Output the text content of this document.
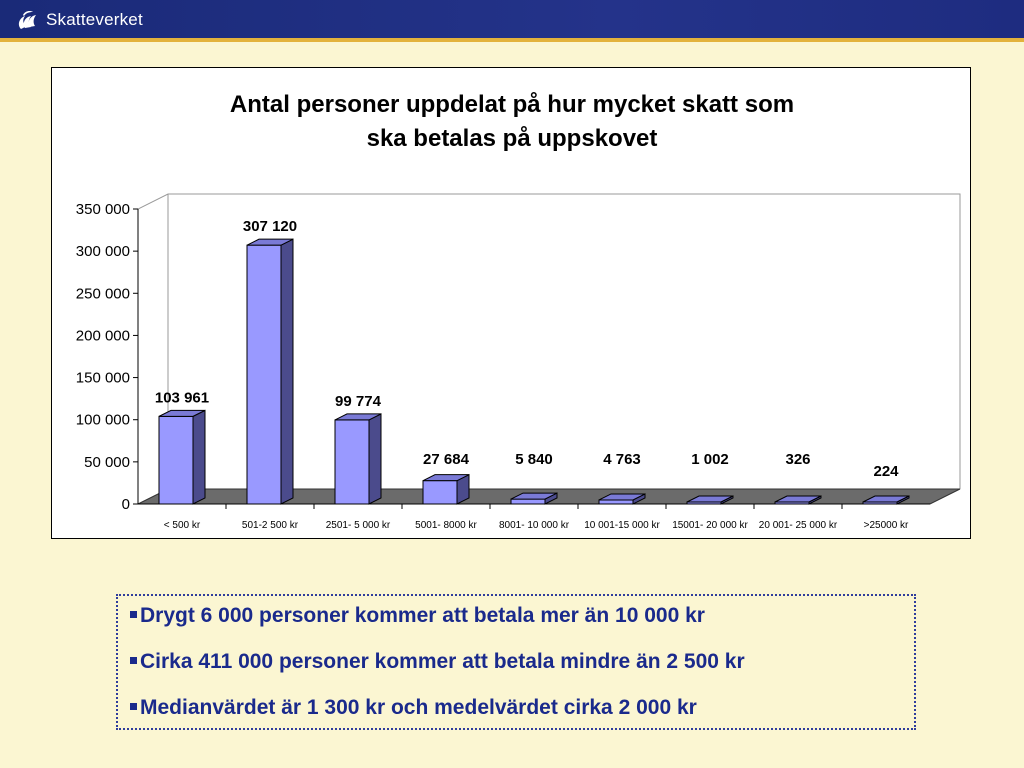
Skatteverket
Antal personer uppdelat på hur mycket skatt som
ska betalas på uppskovet
0
50 000
100 000
150 000
200 000
250 000
300 000
350 000
103 961
< 500 kr
307 120
501-2 500 kr
99 774
2501- 5 000 kr
27 684
5001- 8000 kr
5 840
8001- 10 000 kr
4 763
10 001-15 000 kr
1 002
15001- 20 000 kr
326
20 001- 25 000 kr
224
>25000 kr
Drygt 6 000 personer kommer att betala mer än 10 000 kr
Cirka 411 000 personer kommer att betala mindre än 2 500 kr
Medianvärdet är 1 300 kr och medelvärdet cirka 2 000 kr
